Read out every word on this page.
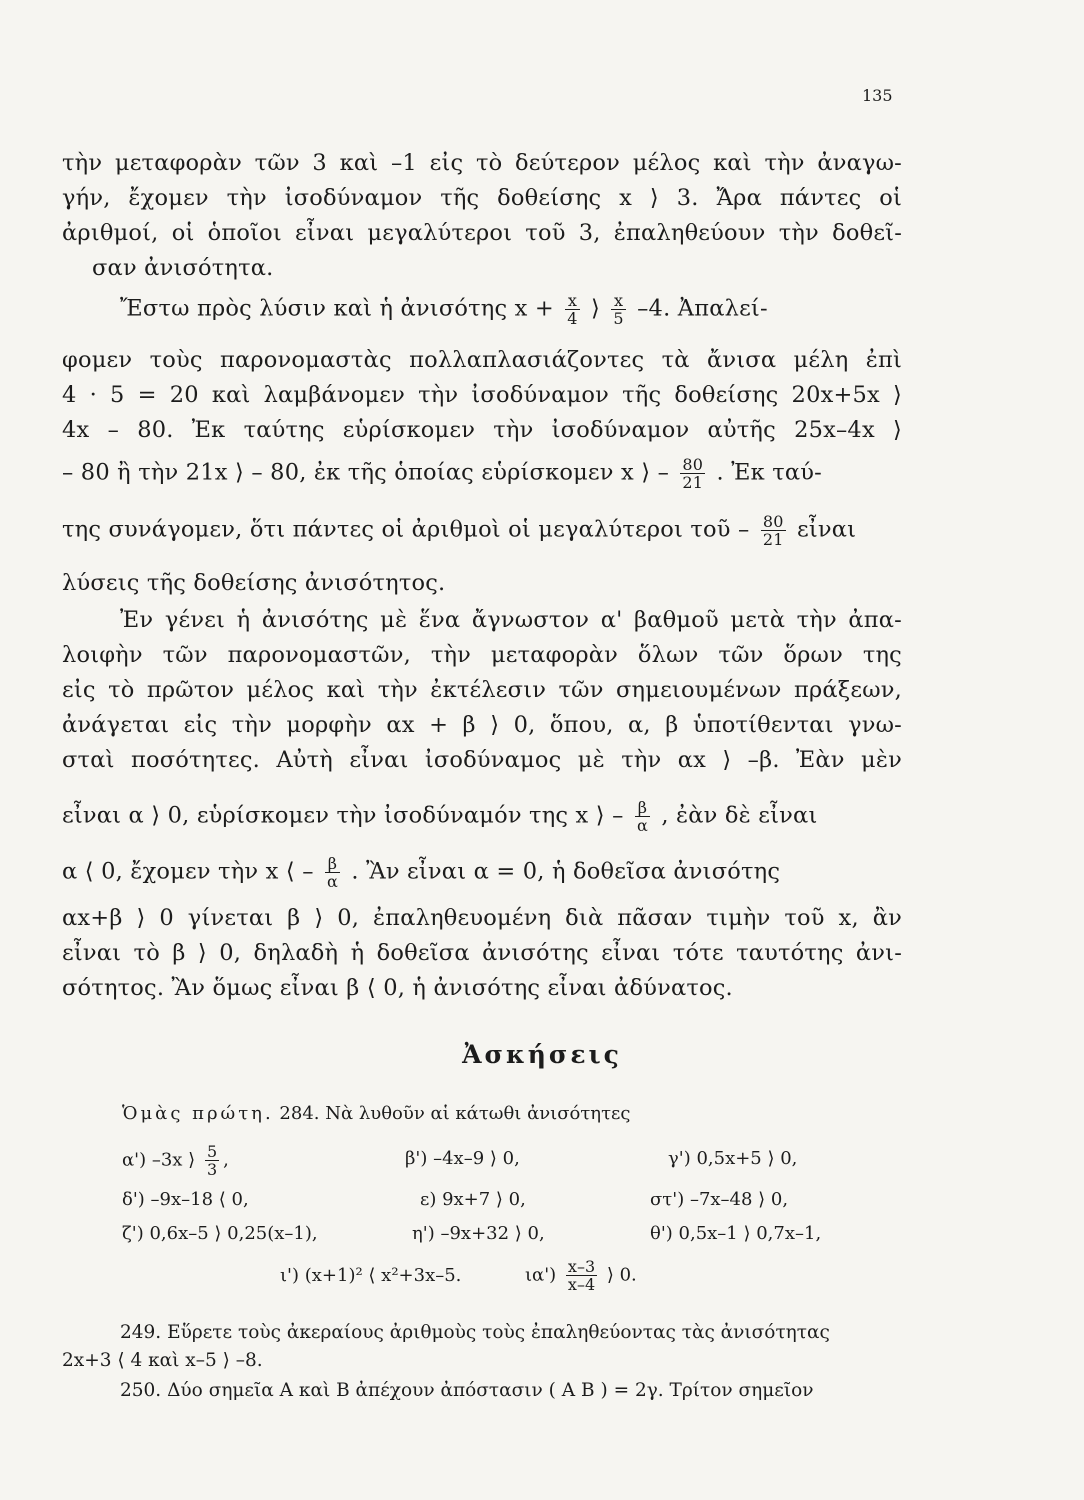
135
τὴν μεταφορὰν τῶν 3 καὶ –1 εἰς τὸ δεύτερον μέλος καὶ τὴν ἀναγω-
γήν, ἔχομεν τὴν ἰσοδύναμον τῆς δοθείσης x ⟩ 3. Ἄρα πάντες οἱ
ἀριθμοί, οἱ ὁποῖοι εἶναι μεγαλύτεροι τοῦ 3, ἐπαληθεύουν τὴν δοθεῖ-
σαν ἀνισότητα.
Ἔστω πρὸς λύσιν καὶ ἡ ἀνισότης $x + \frac{x}{4}$ ⟩ $\frac{x}{5} -4$. Ἀπαλεί-
φομεν τοὺς παρονομαστὰς πολλαπλασιάζοντες τὰ ἄνισα μέλη ἐπὶ
4 · 5 = 20 καὶ λαμβάνομεν τὴν ἰσοδύναμον τῆς δοθείσης 20x+5x ⟩
4x – 80. Ἐκ ταύτης εὑρίσκομεν τὴν ἰσοδύναμον αὐτῆς 25x–4x ⟩
– 80 ἢ τὴν 21x ⟩ – 80, ἐκ τῆς ὁποίας εὑρίσκομεν x ⟩ – $\frac{80}{21}$ . Ἐκ ταύ-
της συνάγομεν, ὅτι πάντες οἱ ἀριθμοὶ οἱ μεγαλύτεροι τοῦ – $\frac{80}{21}$ εἶναι
λύσεις τῆς δοθείσης ἀνισότητος.
Ἐν γένει ἡ ἀνισότης μὲ ἕνα ἄγνωστον α' βαθμοῦ μετὰ τὴν ἀπα-
λοιφὴν τῶν παρονομαστῶν, τὴν μεταφορὰν ὅλων τῶν ὅρων της
εἰς τὸ πρῶτον μέλος καὶ τὴν ἐκτέλεσιν τῶν σημειουμένων πράξεων,
ἀνάγεται εἰς τὴν μορφὴν αx + β ⟩ 0, ὅπου, α, β ὑποτίθενται γνω-
σταὶ ποσότητες. Αὐτὴ εἶναι ἰσοδύναμος μὲ τὴν αx ⟩ –β. Ἐὰν μὲν
εἶναι α ⟩ 0, εὑρίσκομεν τὴν ἰσοδύναμόν της x ⟩ – $\frac{\beta}{\alpha}$ , ἐὰν δὲ εἶναι
α ⟨ 0, ἔχομεν τὴν x ⟨ – $\frac{\beta}{\alpha}$ . Ἂν εἶναι α = 0, ἡ δοθεῖσα ἀνισότης
αx+β ⟩ 0 γίνεται β ⟩ 0, ἐπαληθευομένη διὰ πᾶσαν τιμὴν τοῦ x, ἂν
εἶναι τὸ β ⟩ 0, δηλαδὴ ἡ δοθεῖσα ἀνισότης εἶναι τότε ταυτότης ἀνι-
σότητος. Ἂν ὅμως εἶναι β ⟨ 0, ἡ ἀνισότης εἶναι ἀδύνατος.
Ἀσκήσεις
Ὁμὰς πρώτη. 284. Νὰ λυθοῦν αἱ κάτωθι ἀνισότητες
α') –3x ⟩ $\frac{5}{3}$ ,	β') –4x–9 ⟩ 0,	γ') 0,5x+5 ⟩ 0,
δ') –9x–18 ⟨ 0,	ε) 9x+7 ⟩ 0,	στ') –7x–48 ⟩ 0,
ζ') 0,6x–5 ⟩ 0,25(x–1),	η') –9x+32 ⟩ 0,	θ') 0,5x–1 ⟩ 0,7x–1,
ι') (x+1)² ⟨ x²+3x–5.	$\iota\alpha') \frac{x-3}{x-4}$ ⟩ 0.
249. Εὕρετε τοὺς ἀκεραίους ἀριθμοὺς τοὺς ἐπαληθεύοντας τὰς ἀνισότητας
2x+3 ⟨ 4 καὶ x–5 ⟩ –8.
250. Δύο σημεῖα Α καὶ Β ἀπέχουν ἀπόστασιν ( Α Β ) = 2γ. Τρίτον σημεῖον
